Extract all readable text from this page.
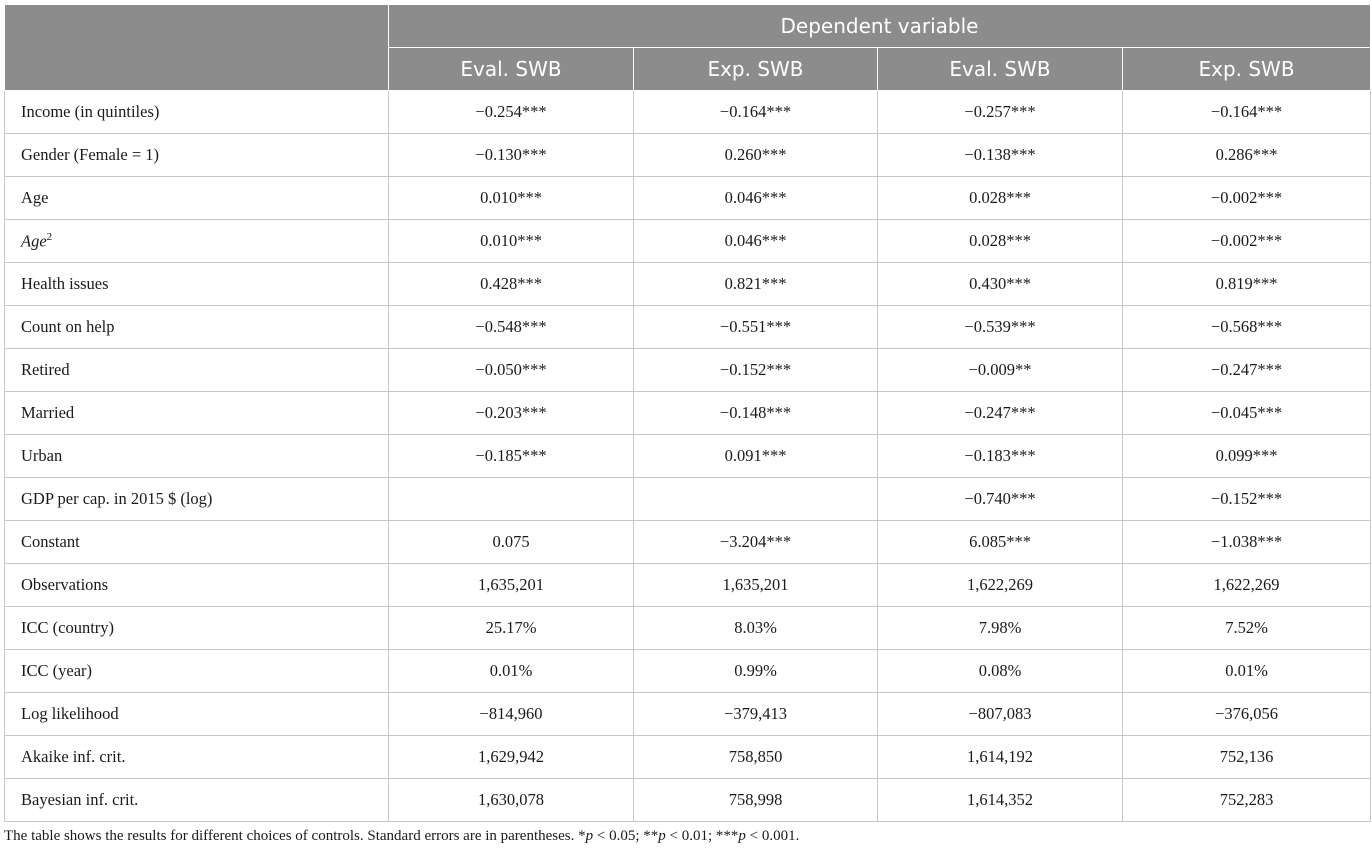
	Dependent variable			
	Eval. SWB	Exp. SWB	Eval. SWB	Exp. SWB
Income (in quintiles)	−0.254***	−0.164***	−0.257***	−0.164***
Gender (Female = 1)	−0.130***	0.260***	−0.138***	0.286***
Age	0.010***	0.046***	0.028***	−0.002***
Age$^2$	0.010***	0.046***	0.028***	−0.002***
Health issues	0.428***	0.821***	0.430***	0.819***
Count on help	−0.548***	−0.551***	−0.539***	−0.568***
Retired	−0.050***	−0.152***	−0.009**	−0.247***
Married	−0.203***	−0.148***	−0.247***	−0.045***
Urban	−0.185***	0.091***	−0.183***	0.099***
GDP per cap. in 2015 $ (log)			−0.740***	−0.152***
Constant	0.075	−3.204***	6.085***	−1.038***
Observations	1,635,201	1,635,201	1,622,269	1,622,269
ICC (country)	25.17%	8.03%	7.98%	7.52%
ICC (year)	0.01%	0.99%	0.08%	0.01%
Log likelihood	−814,960	−379,413	−807,083	−376,056
Akaike inf. crit.	1,629,942	758,850	1,614,192	752,136
Bayesian inf. crit.	1,630,078	758,998	1,614,352	752,283
The table shows the results for different choices of controls. Standard errors are in parentheses. *p < 0.05; **p < 0.01; ***p < 0.001.
